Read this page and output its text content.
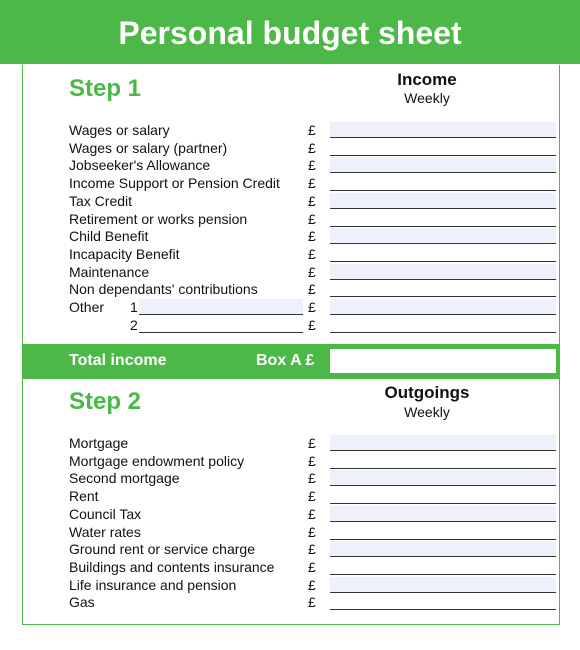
Personal budget sheet
Step 1	Income
Weekly
Wages or salary	£
Wages or salary (partner)	£
Jobseeker's Allowance	£
Income Support or Pension Credit £
Tax Credit	£
Retirement or works pension	£
Child Benefit	£
Incapacity Benefit	£
Maintenance	£
Non dependants' contributions	£
Other 1	£
2	£
Total income	Box A £
Step 2	Outgoings
Weekly
Mortgage	£
Mortgage endowment policy	£
Second mortgage	£
Rent	£
Council Tax	£
Water rates	£
Ground rent or service charge	£
Buildings and contents insurance £
Life insurance and pension	£
Gas	£
